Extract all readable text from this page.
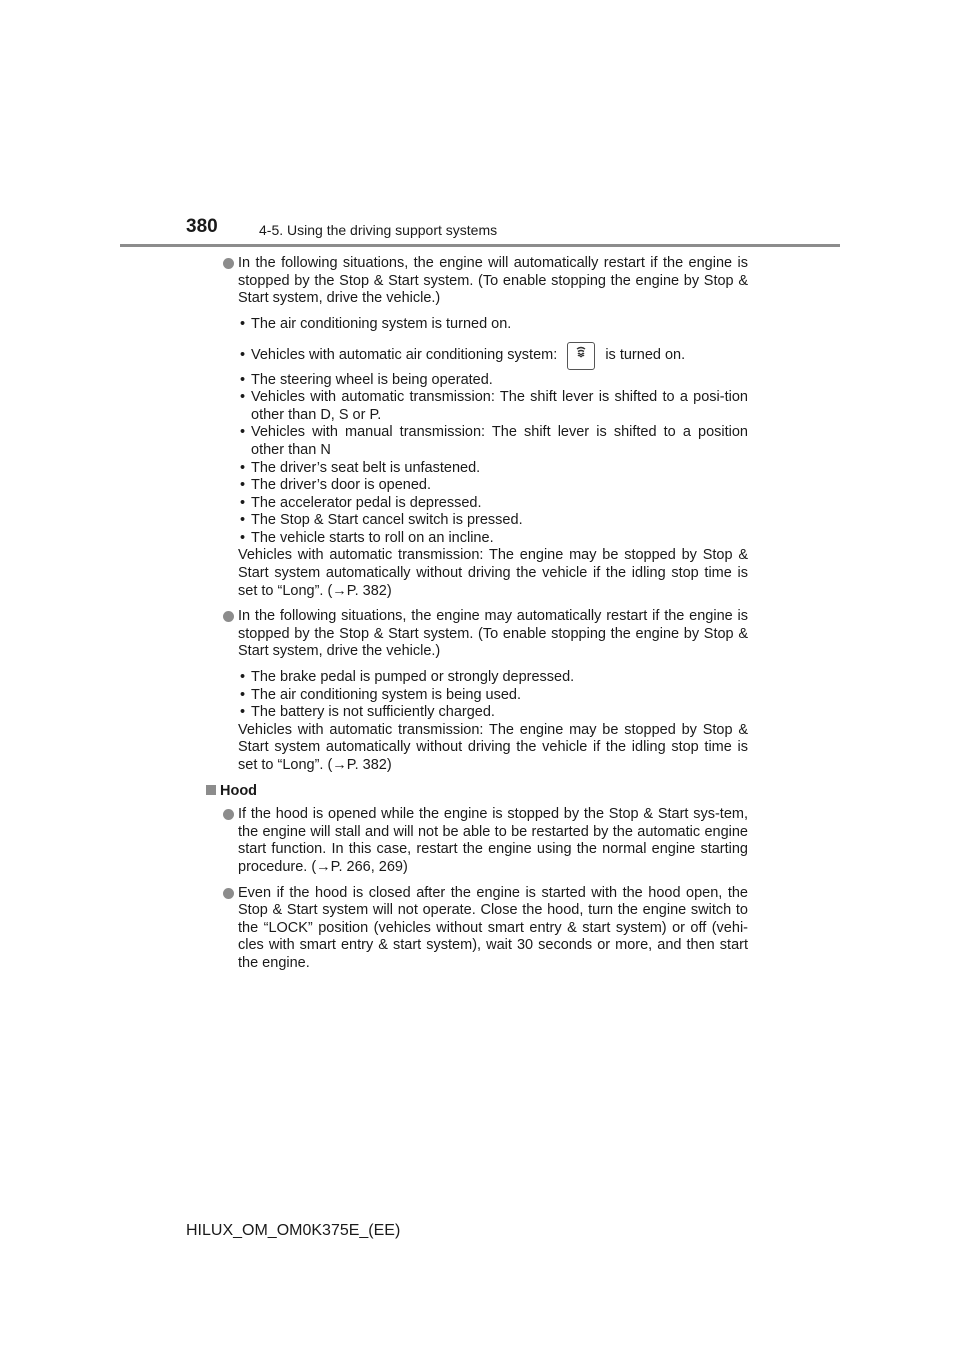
380	4-5. Using the driving support systems

In the following situations, the engine will automatically restart if the engine is stopped by the Stop & Start system. (To enable stopping the engine by Stop & Start system, drive the vehicle.)

• The air conditioning system is turned on.
• Vehicles with automatic air conditioning system:	is turned on.
• The steering wheel is being operated.
• Vehicles with automatic transmission: The shift lever is shifted to a posi-tion other than D, S or P.
• Vehicles with manual transmission: The shift lever is shifted to a position other than N
• The driver’s seat belt is unfastened.
• The driver’s door is opened.
• The accelerator pedal is depressed.
• The Stop & Start cancel switch is pressed.
• The vehicle starts to roll on an incline.

Vehicles with automatic transmission: The engine may be stopped by Stop & Start system automatically without driving the vehicle if the idling stop time is set to “Long”. (→P. 382)

In the following situations, the engine may automatically restart if the engine is stopped by the Stop & Start system. (To enable stopping the engine by Stop & Start system, drive the vehicle.)

• The brake pedal is pumped or strongly depressed.
• The air conditioning system is being used.
• The battery is not sufficiently charged.

Vehicles with automatic transmission: The engine may be stopped by Stop & Start system automatically without driving the vehicle if the idling stop time is set to “Long”. (→P. 382)

Hood

If the hood is opened while the engine is stopped by the Stop & Start sys-tem, the engine will stall and will not be able to be restarted by the automatic engine start function. In this case, restart the engine using the normal engine starting procedure. (→P. 266, 269)

Even if the hood is closed after the engine is started with the hood open, the Stop & Start system will not operate. Close the hood, turn the engine switch to the “LOCK” position (vehicles without smart entry & start system) or off (vehi-cles with smart entry & start system), wait 30 seconds or more, and then start the engine.

HILUX_OM_OM0K375E_(EE)
